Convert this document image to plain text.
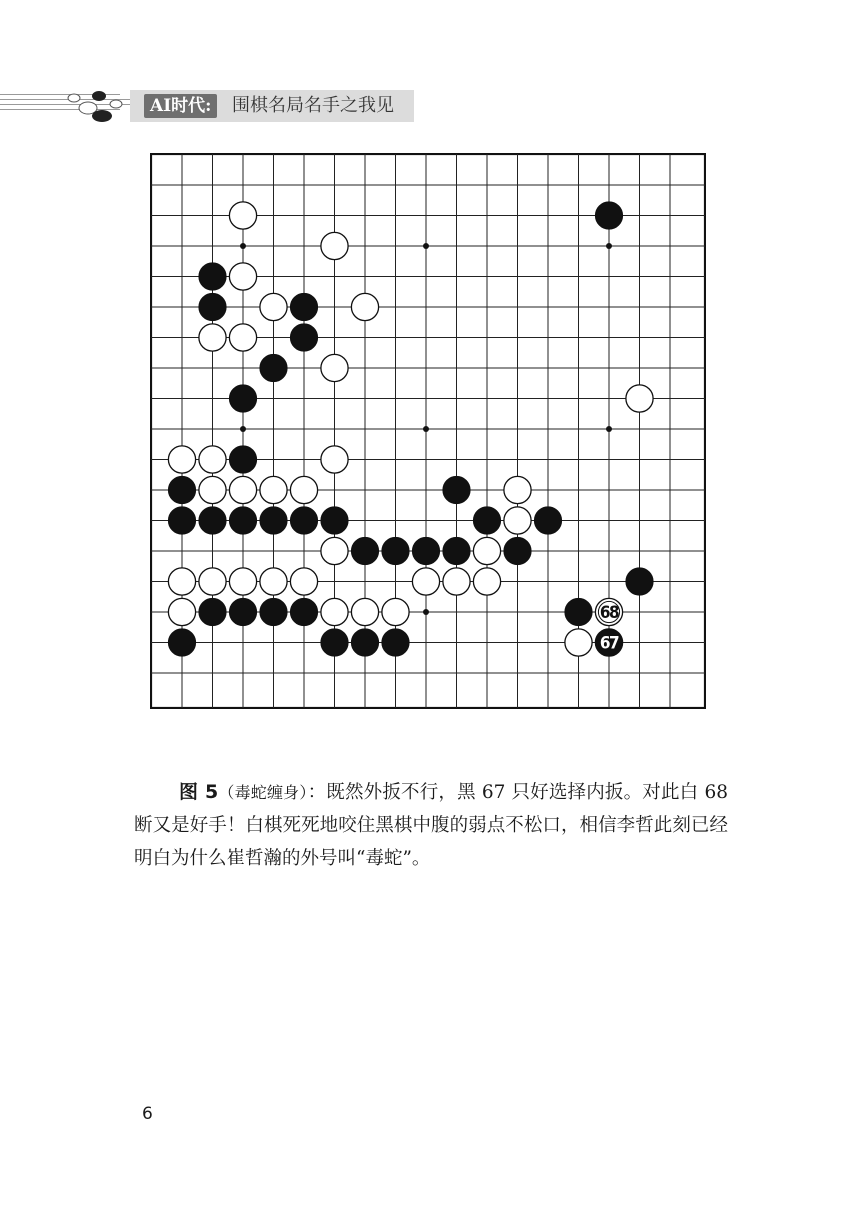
AI时代:	围棋名局名手之我见
68
67

图 5（毒蛇缠身）：既然外扳不行，黑 67 只好选择内扳。对此白 68 断又是好手！白棋死死地咬住黑棋中腹的弱点不松口，相信李哲此刻已经明白为什么崔哲瀚的外号叫“毒蛇”。

6
